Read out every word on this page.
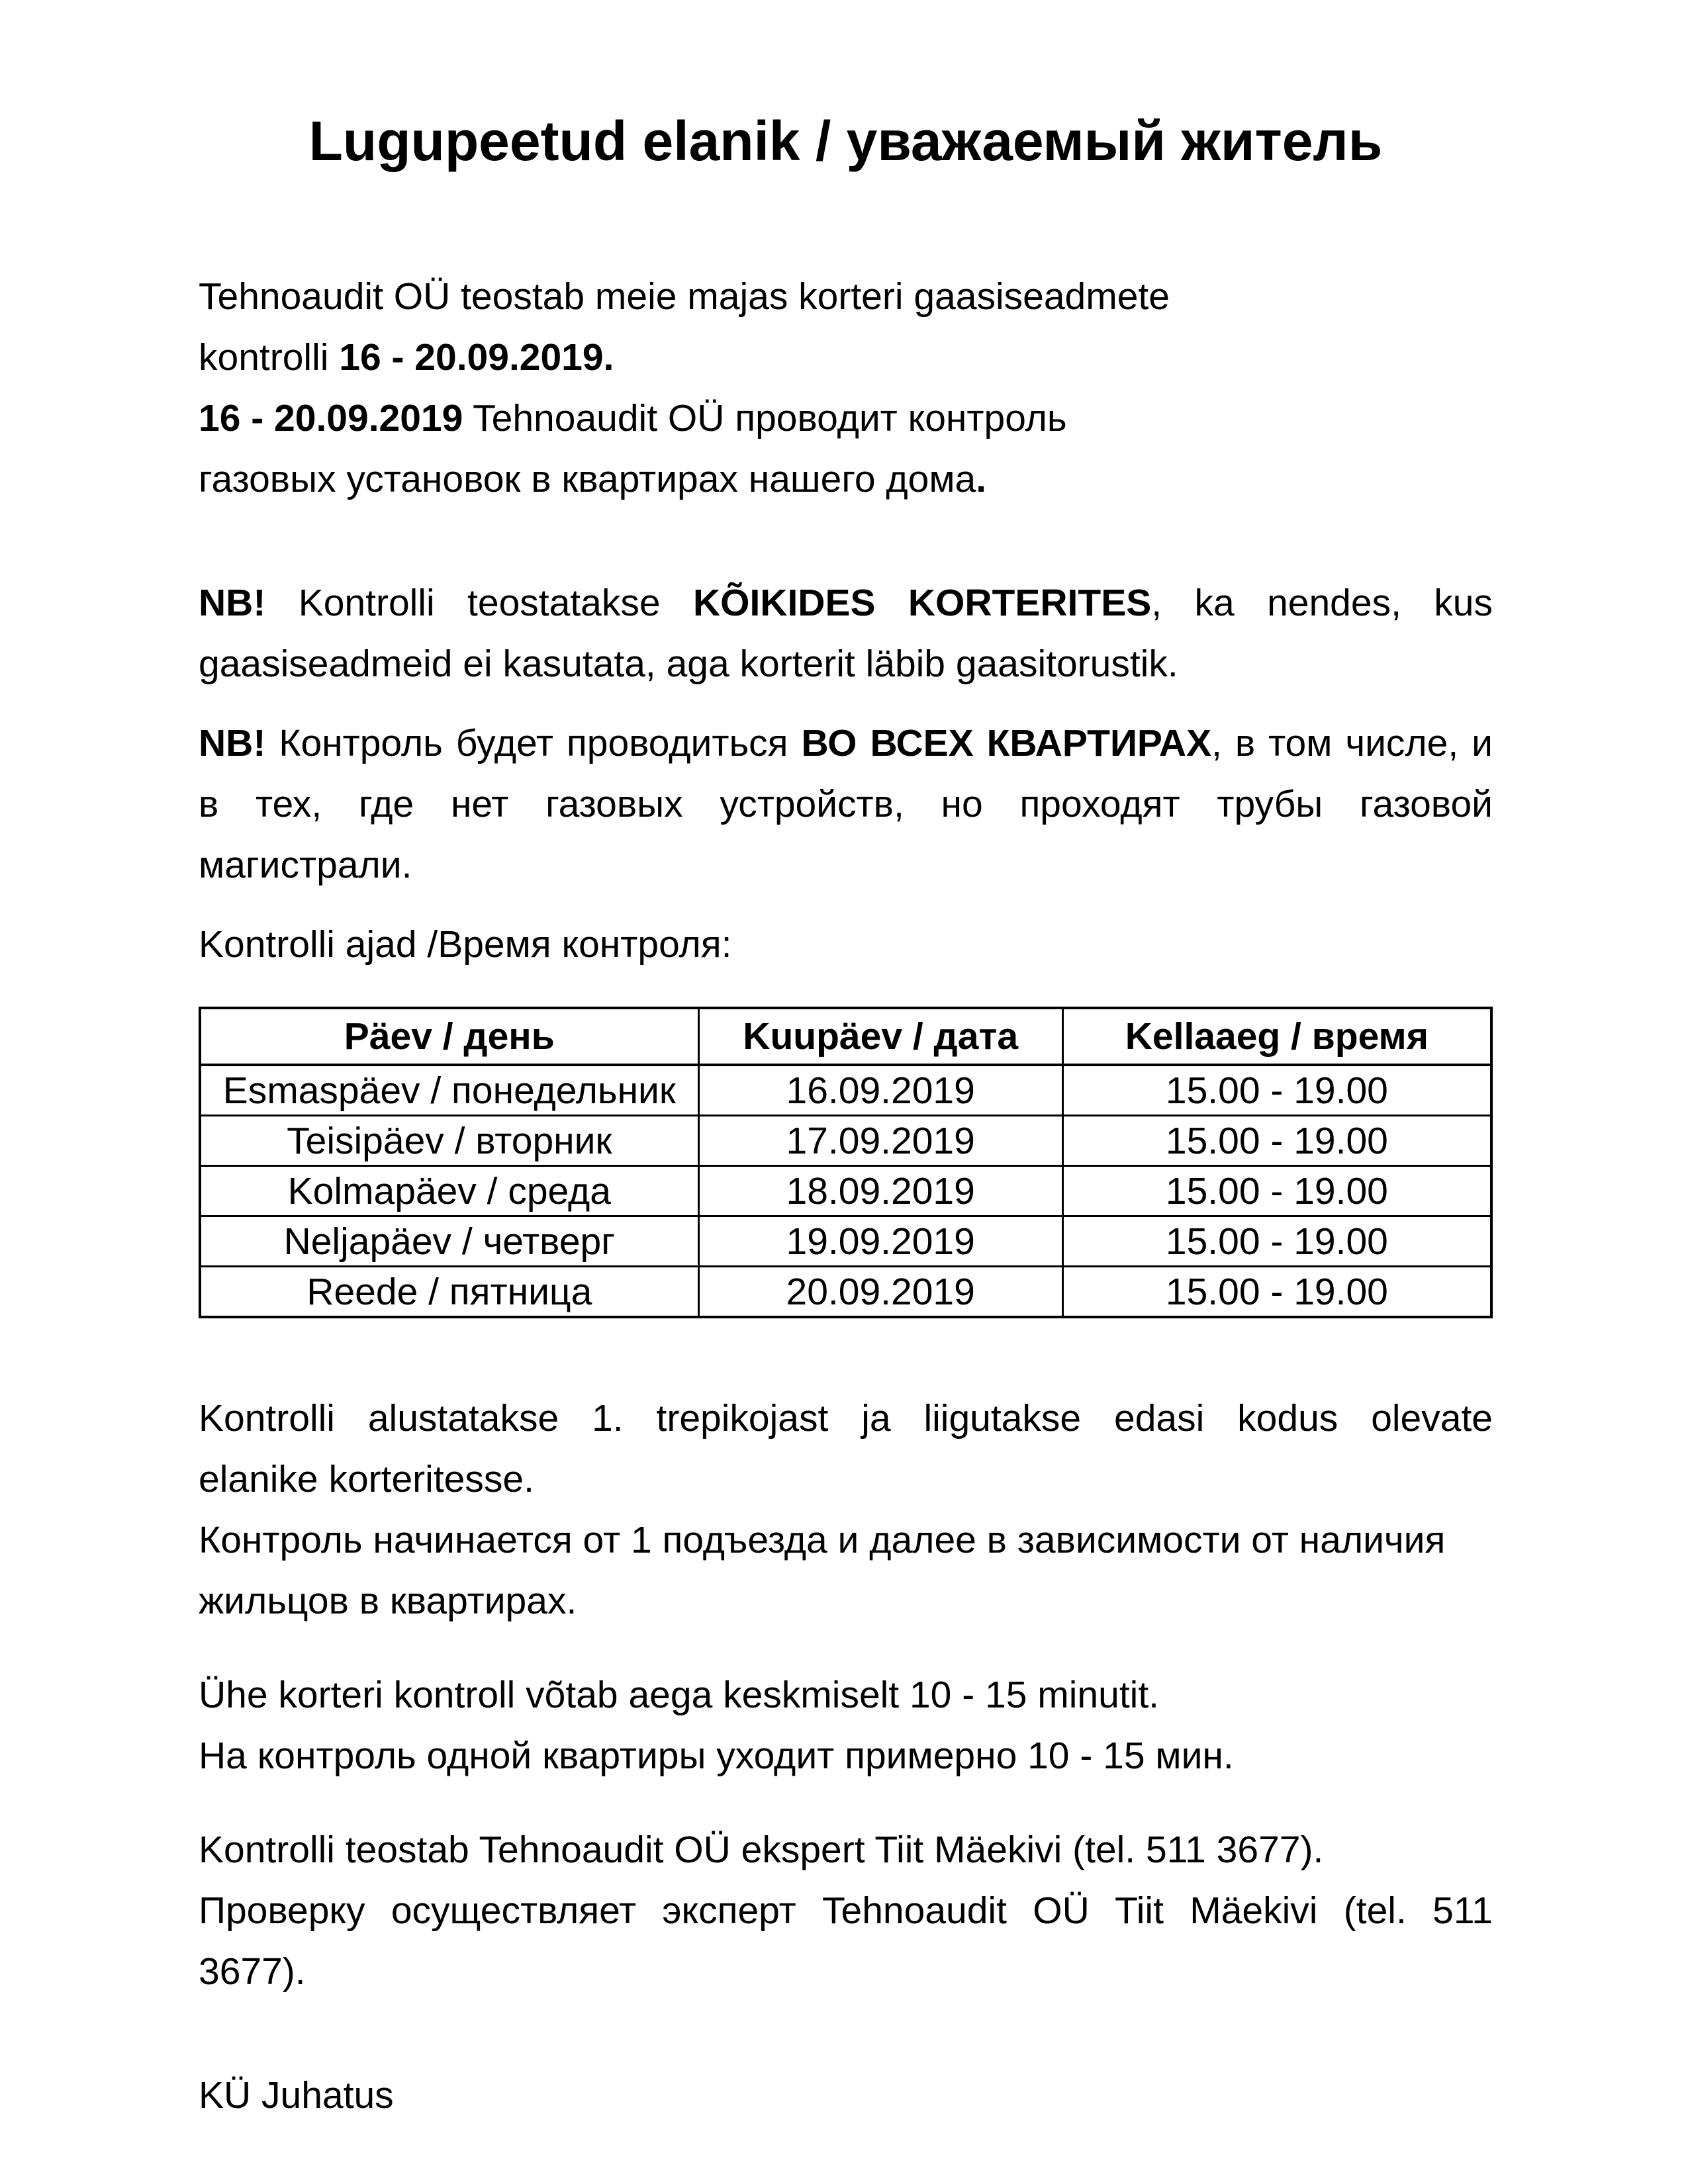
Lugupeetud elanik / уважаемый житель
Tehnoaudit OÜ teostab meie majas korteri gaasiseadmete
kontrolli 16 - 20.09.2019.
16 - 20.09.2019 Tehnoaudit OÜ проводит контроль
газовых установок в квартирах нашего дома.
NB! Kontrolli teostatakse KÕIKIDES KORTERITES, ka nendes, kus
gaasiseadmeid ei kasutata, aga korterit läbib gaasitorustik.
NB! Контроль будет проводиться ВО ВСЕХ КВАРТИРАХ, в том числе, и
в тех, где нет газовых устройств, но проходят трубы газовой
магистрали.
Kontrolli ajad /Время контроля:
Päev / день	Kuupäev / дата	Kellaaeg / время
Esmaspäev / понедельник	16.09.2019	15.00 - 19.00
Teisipäev / вторник	17.09.2019	15.00 - 19.00
Kolmapäev / среда	18.09.2019	15.00 - 19.00
Neljapäev / четверг	19.09.2019	15.00 - 19.00
Reede / пятница	20.09.2019	15.00 - 19.00
Kontrolli alustatakse 1. trepikojast ja liigutakse edasi kodus olevate
elanike korteritesse.
Контроль начинается от 1 подъезда и далее в зависимости от наличия
жильцов в квартирах.
Ühe korteri kontroll võtab aega keskmiselt 10 - 15 minutit.
На контроль одной квартиры уходит примерно 10 - 15 мин.
Kontrolli teostab Tehnoaudit OÜ ekspert Tiit Mäekivi (tel. 511 3677).
Проверку осуществляет эксперт Tehnoaudit OÜ Tiit Mäekivi (tel. 511
3677).
KÜ Juhatus
